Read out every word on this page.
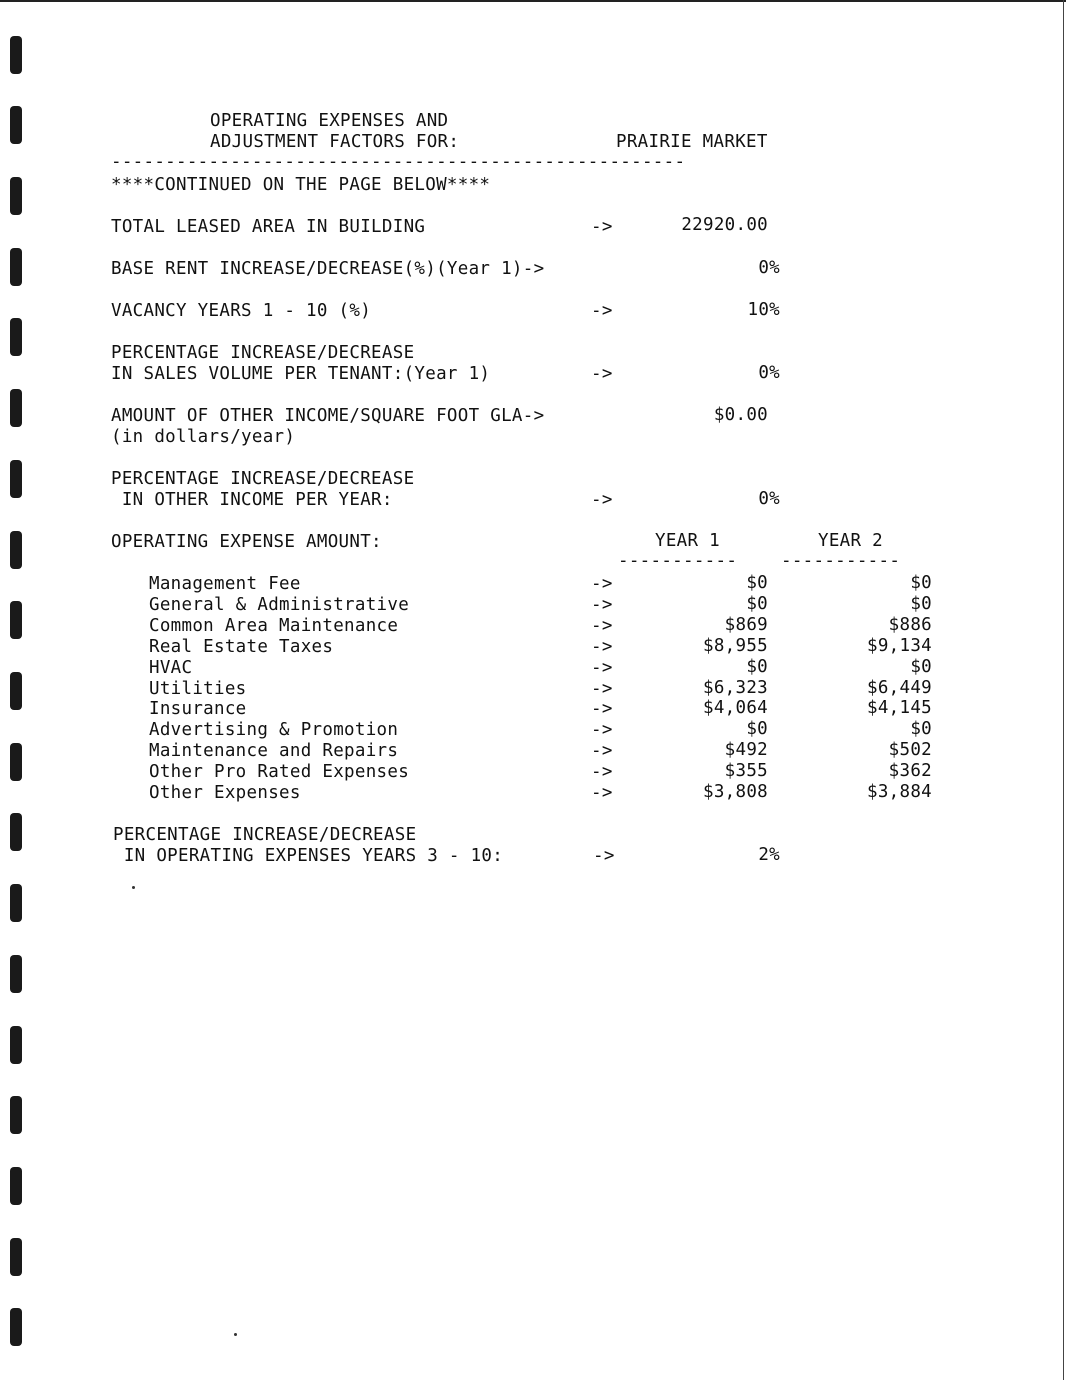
OPERATING EXPENSES AND
ADJUSTMENT FACTORS FOR:	PRAIRIE MARKET
-----------------------------------------------------
****CONTINUED ON THE PAGE BELOW****
TOTAL LEASED AREA IN BUILDING	->	22920.00
BASE RENT INCREASE/DECREASE(%)(Year 1)->	0%
VACANCY YEARS 1 - 10 (%)	->	10%
PERCENTAGE INCREASE/DECREASE
IN SALES VOLUME PER TENANT:(Year 1)	->	0%
AMOUNT OF OTHER INCOME/SQUARE FOOT GLA->
(in dollars/year)
$0.00
PERCENTAGE INCREASE/DECREASE
IN OTHER INCOME PER YEAR:	->	0%
OPERATING EXPENSE AMOUNT:	YEAR 1	YEAR 2
-----------	-----------
Management Fee	->	$0	$0
General & Administrative	->	$0	$0
Common Area Maintenance	->	$869	$886
Real Estate Taxes	->	$8,955	$9,134
HVAC	->	$0	$0
Utilities	->	$6,323	$6,449
Insurance	->	$4,064	$4,145
Advertising & Promotion	->	$0	$0
Maintenance and Repairs	->	$492	$502
Other Pro Rated Expenses	->	$355	$362
Other Expenses	->	$3,808	$3,884
PERCENTAGE INCREASE/DECREASE
IN OPERATING EXPENSES YEARS 3 - 10:	->	2%
